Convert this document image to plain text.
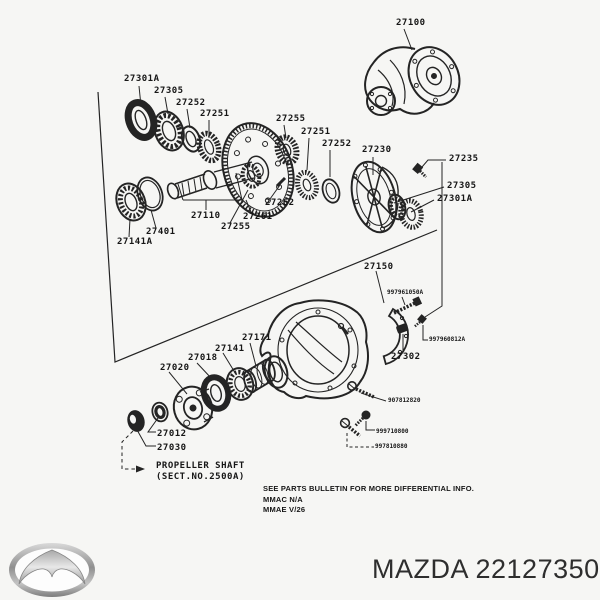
27301A
27305
27252
27251	27255
27251
27252
27230
27235
27305
27301A
27100
27110 27261
27262
27255
27401
27141A
27150
997961050A
997960812A
27302
27171
27141
27018
27020
27012
27030
907812820
999710800
997810880
PROPELLER SHAFT
(SECT.NO.2500A)
SEE PARTS BULLETIN FOR MORE DIFFERENTIAL INFO.
MMAC N/A
MMAE V/26
MAZDA 22127350
